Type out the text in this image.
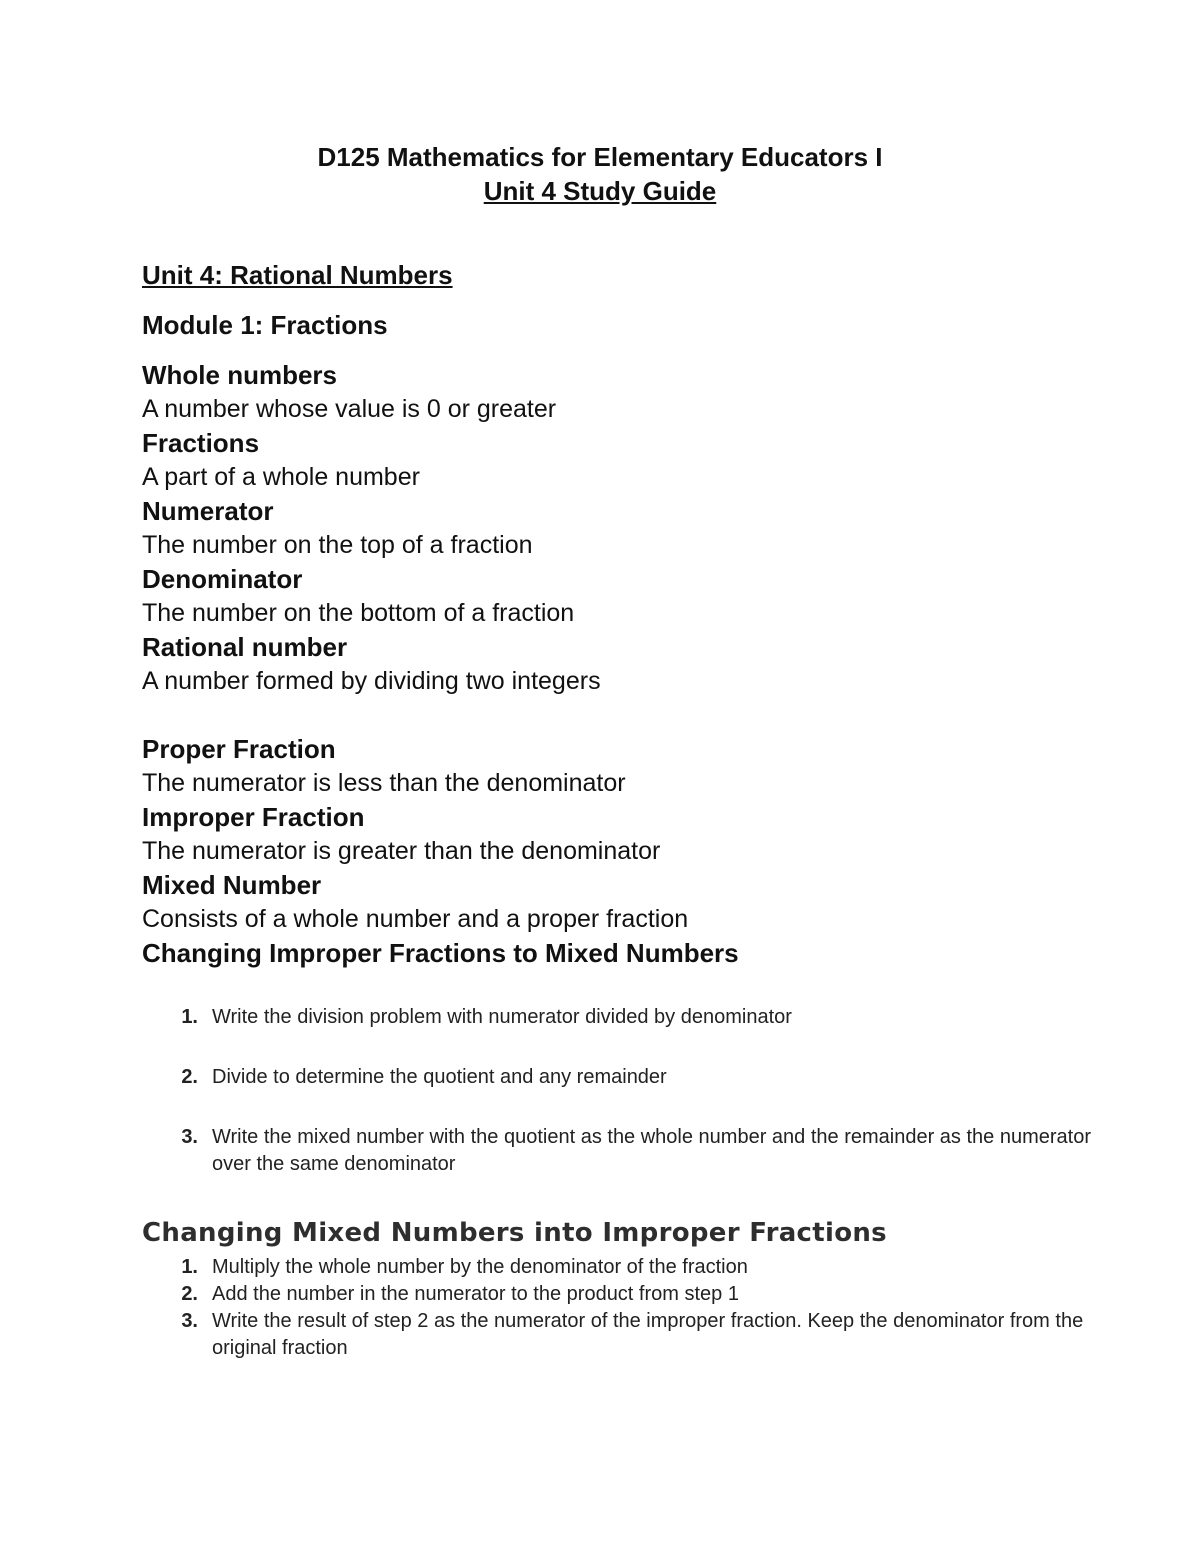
D125 Mathematics for Elementary Educators I
Unit 4 Study Guide
Unit 4: Rational Numbers
Module 1: Fractions
Whole numbers
A number whose value is 0 or greater
Fractions
A part of a whole number
Numerator
The number on the top of a fraction
Denominator
The number on the bottom of a fraction
Rational number
A number formed by dividing two integers
Proper Fraction
The numerator is less than the denominator
Improper Fraction
The numerator is greater than the denominator
Mixed Number
Consists of a whole number and a proper fraction
Changing Improper Fractions to Mixed Numbers
1. Write the division problem with numerator divided by denominator
2. Divide to determine the quotient and any remainder
3. Write the mixed number with the quotient as the whole number and the remainder as the numerator over the same denominator
Changing Mixed Numbers into Improper Fractions
1. Multiply the whole number by the denominator of the fraction
2. Add the number in the numerator to the product from step 1
3. Write the result of step 2 as the numerator of the improper fraction. Keep the denominator from the original fraction
